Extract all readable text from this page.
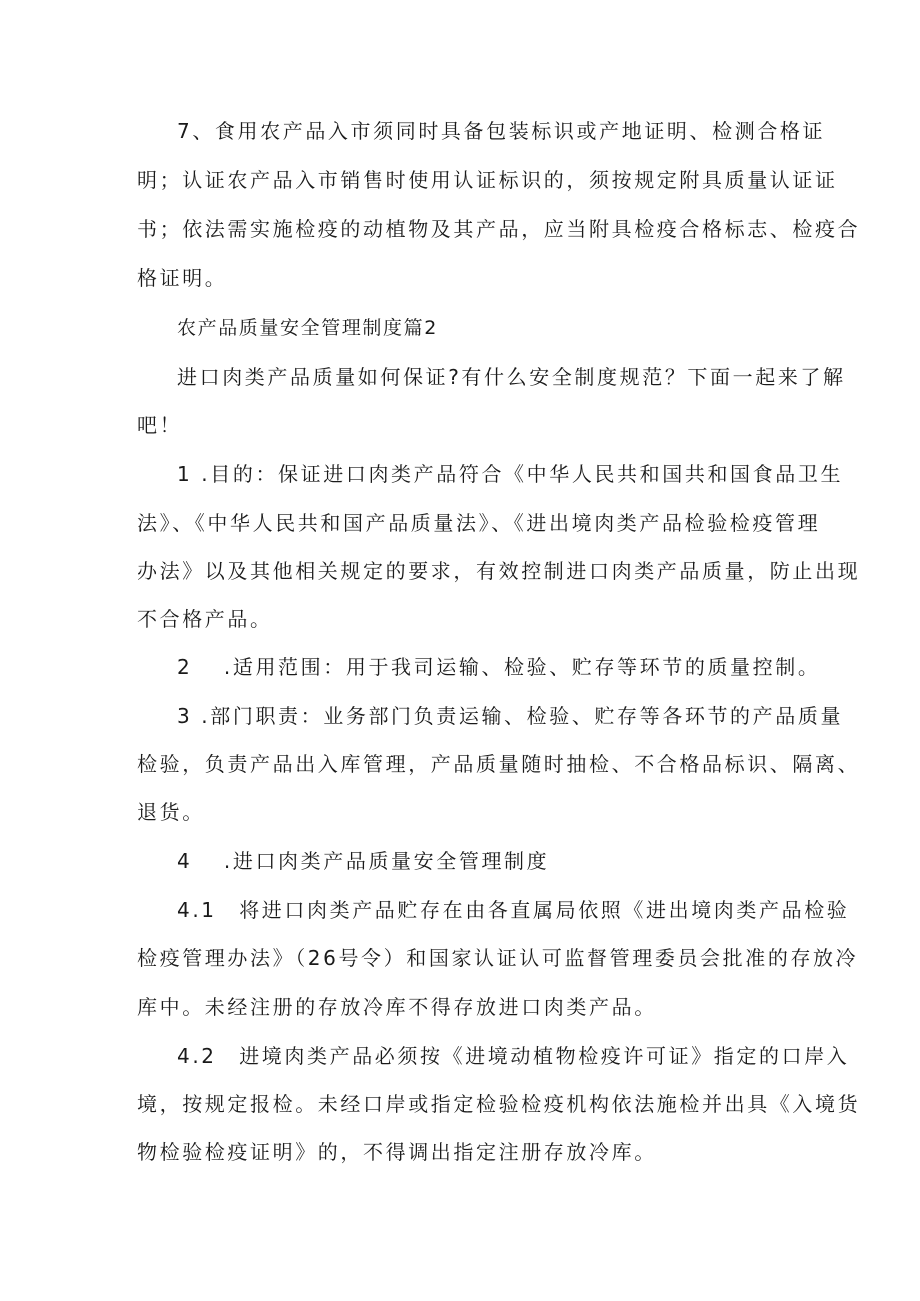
7、食用农产品入市须同时具备包装标识或产地证明、检测合格证

明；认证农产品入市销售时使用认证标识的，须按规定附具质量认证证

书；依法需实施检疫的动植物及其产品，应当附具检疫合格标志、检疫合

格证明。

农产品质量安全管理制度篇2

进口肉类产品质量如何保证?有什么安全制度规范？下面一起来了解

吧！

1 .目的：保证进口肉类产品符合《中华人民共和国共和国食品卫生

法》、《中华人民共和国产品质量法》、《进出境肉类产品检验检疫管理

办法》以及其他相关规定的要求，有效控制进口肉类产品质量，防止出现

不合格产品。

2 　.适用范围：用于我司运输、检验、贮存等环节的质量控制。

3 .部门职责：业务部门负责运输、检验、贮存等各环节的产品质量

检验，负责产品出入库管理，产品质量随时抽检、不合格品标识、隔离、

退货。

4 　.进口肉类产品质量安全管理制度

4.1　将进口肉类产品贮存在由各直属局依照《进出境肉类产品检验

检疫管理办法》（26号令）和国家认证认可监督管理委员会批准的存放冷

库中。未经注册的存放冷库不得存放进口肉类产品。

4.2　进境肉类产品必须按《进境动植物检疫许可证》指定的口岸入

境，按规定报检。未经口岸或指定检验检疫机构依法施检并出具《入境货

物检验检疫证明》的，不得调出指定注册存放冷库。
